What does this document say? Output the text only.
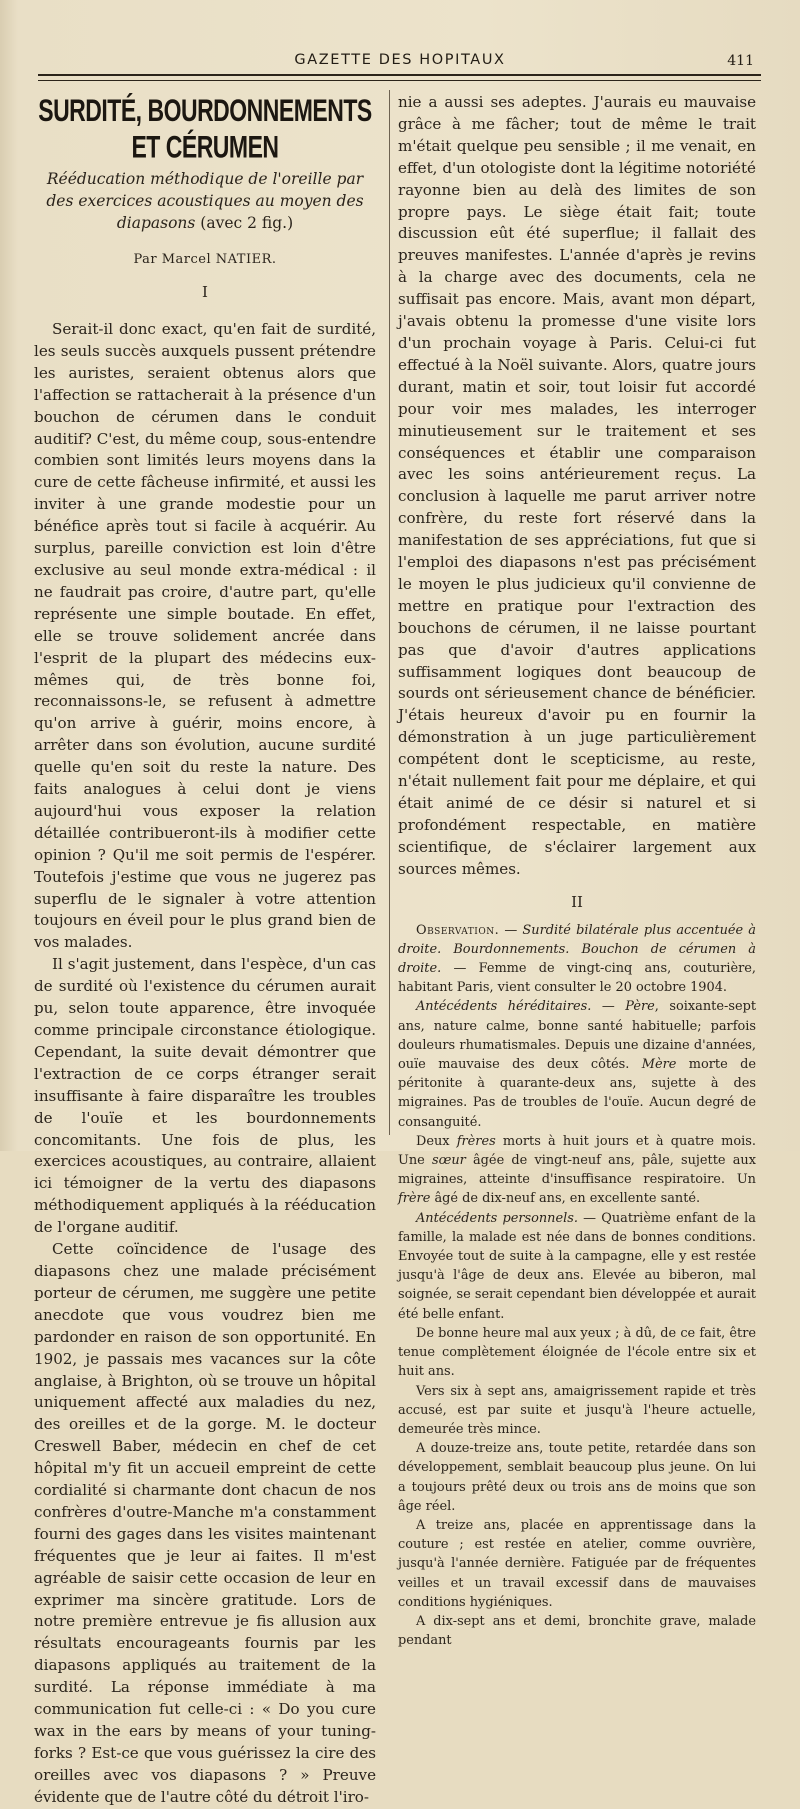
GAZETTE DES HOPITAUX	411
SURDITÉ, BOURDONNEMENTS ET CÉRUMEN

Rééducation méthodique de l'oreille par des exercices acoustiques au moyen des diapasons (avec 2 fig.)

Par Marcel NATIER.

I

Serait-il donc exact, qu'en fait de surdité, les seuls succès auxquels pussent prétendre les auristes, seraient obtenus alors que l'affection se rattacherait à la présence d'un bouchon de cérumen dans le conduit auditif? C'est, du même coup, sous-entendre combien sont limités leurs moyens dans la cure de cette fâcheuse infirmité, et aussi les inviter à une grande modestie pour un bénéfice après tout si facile à acquérir. Au surplus, pareille conviction est loin d'être exclusive au seul monde extra-médical : il ne faudrait pas croire, d'autre part, qu'elle représente une simple boutade. En effet, elle se trouve solidement ancrée dans l'esprit de la plupart des médecins eux-mêmes qui, de très bonne foi, reconnaissons-le, se refusent à admettre qu'on arrive à guérir, moins encore, à arrêter dans son évolution, aucune surdité quelle qu'en soit du reste la nature. Des faits analogues à celui dont je viens aujourd'hui vous exposer la relation détaillée contribueront-ils à modifier cette opinion ? Qu'il me soit permis de l'espérer. Toutefois j'estime que vous ne jugerez pas superflu de le signaler à votre attention toujours en éveil pour le plus grand bien de vos malades.

Il s'agit justement, dans l'espèce, d'un cas de surdité où l'existence du cérumen aurait pu, selon toute apparence, être invoquée comme principale circonstance étiologique. Cependant, la suite devait démontrer que l'extraction de ce corps étranger serait insuffisante à faire disparaître les troubles de l'ouïe et les bourdonnements concomitants. Une fois de plus, les exercices acoustiques, au contraire, allaient ici témoigner de la vertu des diapasons méthodiquement appliqués à la rééducation de l'organe auditif.

Cette coïncidence de l'usage des diapasons chez une malade précisément porteur de cérumen, me suggère une petite anecdote que vous voudrez bien me pardonder en raison de son opportunité. En 1902, je passais mes vacances sur la côte anglaise, à Brighton, où se trouve un hôpital uniquement affecté aux maladies du nez, des oreilles et de la gorge. M. le docteur Creswell Baber, médecin en chef de cet hôpital m'y fit un accueil empreint de cette cordialité si charmante dont chacun de nos confrères d'outre-Manche m'a constamment fourni des gages dans les visites maintenant fréquentes que je leur ai faites. Il m'est agréable de saisir cette occasion de leur en exprimer ma sincère gratitude. Lors de notre première entrevue je fis allusion aux résultats encourageants fournis par les diapasons appliqués au traitement de la surdité. La réponse immédiate à ma communication fut celle-ci : « Do you cure wax in the ears by means of your tuning-forks ? Est-ce que vous guérissez la cire des oreilles avec vos diapasons ? » Preuve évidente que de l'autre côté du détroit l'iro-

nie a aussi ses adeptes. J'aurais eu mauvaise grâce à me fâcher; tout de même le trait m'était quelque peu sensible ; il me venait, en effet, d'un otologiste dont la légitime notoriété rayonne bien au delà des limites de son propre pays. Le siège était fait; toute discussion eût été superflue; il fallait des preuves manifestes. L'année d'après je revins à la charge avec des documents, cela ne suffisait pas encore. Mais, avant mon départ, j'avais obtenu la promesse d'une visite lors d'un prochain voyage à Paris. Celui-ci fut effectué à la Noël suivante. Alors, quatre jours durant, matin et soir, tout loisir fut accordé pour voir mes malades, les interroger minutieusement sur le traitement et ses conséquences et établir une comparaison avec les soins antérieurement reçus. La conclusion à laquelle me parut arriver notre confrère, du reste fort réservé dans la manifestation de ses appréciations, fut que si l'emploi des diapasons n'est pas précisément le moyen le plus judicieux qu'il convienne de mettre en pratique pour l'extraction des bouchons de cérumen, il ne laisse pourtant pas que d'avoir d'autres applications suffisamment logiques dont beaucoup de sourds ont sérieusement chance de bénéficier. J'étais heureux d'avoir pu en fournir la démonstration à un juge particulièrement compétent dont le scepticisme, au reste, n'était nullement fait pour me déplaire, et qui était animé de ce désir si naturel et si profondément respectable, en matière scientifique, de s'éclairer largement aux sources mêmes.

II

Observation. — Surdité bilatérale plus accentuée à droite. Bourdonnements. Bouchon de cérumen à droite. — Femme de vingt-cinq ans, couturière, habitant Paris, vient consulter le 20 octobre 1904.

Antécédents héréditaires. — Père, soixante-sept ans, nature calme, bonne santé habituelle; parfois douleurs rhumatismales. Depuis une dizaine d'années, ouïe mauvaise des deux côtés. Mère morte de péritonite à quarante-deux ans, sujette à des migraines. Pas de troubles de l'ouïe. Aucun degré de consanguité.

Deux frères morts à huit jours et à quatre mois. Une sœur âgée de vingt-neuf ans, pâle, sujette aux migraines, atteinte d'insuffisance respiratoire. Un frère âgé de dix-neuf ans, en excellente santé.

Antécédents personnels. — Quatrième enfant de la famille, la malade est née dans de bonnes conditions. Envoyée tout de suite à la campagne, elle y est restée jusqu'à l'âge de deux ans. Elevée au biberon, mal soignée, se serait cependant bien développée et aurait été belle enfant.

De bonne heure mal aux yeux ; à dû, de ce fait, être tenue complètement éloignée de l'école entre six et huit ans.

Vers six à sept ans, amaigrissement rapide et très accusé, est par suite et jusqu'à l'heure actuelle, demeurée très mince.

A douze-treize ans, toute petite, retardée dans son développement, semblait beaucoup plus jeune. On lui a toujours prêté deux ou trois ans de moins que son âge réel.

A treize ans, placée en apprentissage dans la couture ; est restée en atelier, comme ouvrière, jusqu'à l'année dernière. Fatiguée par de fréquentes veilles et un travail excessif dans de mauvaises conditions hygiéniques.

A dix-sept ans et demi, bronchite grave, malade pendant
